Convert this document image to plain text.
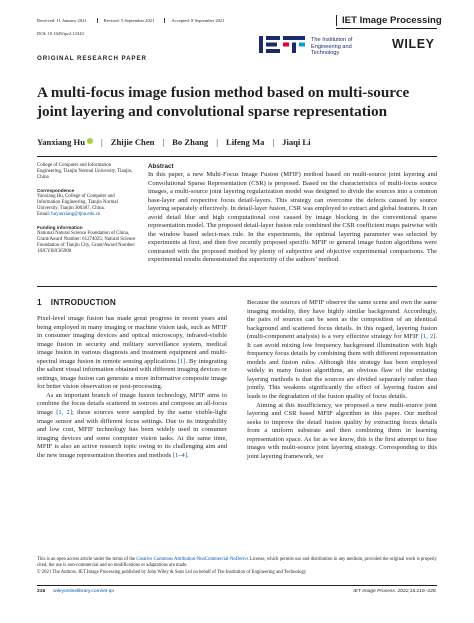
Received: 11 January 2021	Revised: 5 September 2021	Accepted: 8 September 2021
DOI: 10.1049/ipr2.12343
IET Image Processing
The Institution of Engineering and Technology
WILEY
ORIGINAL RESEARCH PAPER
A multi-focus image fusion method based on multi-source joint layering and convolutional sparse representation
Yanxiang Hu | Zhijie Chen | Bo Zhang | Lifeng Ma | Jiaqi Li
College of Computer and Information Engineering, Tianjin Normal University, Tianjin, China
Correspondence
Yanxiang Hu, College of Computer and Information Engineering, Tianjin Normal University, Tianjin 300387, China.
Email: huyanxiang@tjnu.edu.cn
Funding information
National Natural Science Foundation of China, Grant/Award Number: 61274025; Natural Science Foundation of Tianjin City, Grant/Award Number: 18JCYBJC85900
Abstract

In this paper, a new Multi-Focus Image Fusion (MFIF) method based on multi-source joint layering and Convolutional Sparse Representation (CSR) is proposed. Based on the characteristics of multi-focus source images, a multi-source joint layering regularization model was designed to divide the sources into a common base-layer and respective focus detail-layers. This strategy can overcome the defects caused by source layering separately effectively. In detail-layer fusion, CSR was employed to extract and global features. It can avoid detail blur and high computational cost caused by image blocking in the conventional sparse representation model. The proposed detail-layer fusion rule combined the CSR coefficient maps pairwise with the window based select-max rule. In the experiments, the optimal layering parameter was selected by experiments at first, and then five recently proposed specific MFIF or general image fusion algorithms were contrasted with the proposed method by plenty of subjective and objective experimental comparisons. The experimental results demonstrated the superiority of the authors’ method.

1 INTRODUCTION

Pixel-level image fusion has made great progress in recent years and being employed in many imaging or machine vision task, such as MFIF in consumer imaging devices and optical microscopy, infrared-visible image fusion in security and military surveillance system, medical image fusion in various diagnosis and treatment equipment and multi-spectral image fusion in remote sensing applications [1]. By integrating the salient visual information obtained with different imaging devices or settings, image fusion can generate a more informative composite image for better vision observation or post-processing.

As an important branch of image fusion technology, MFIF aims to combine the focus details scattered in sources and compose an all-focus image [1, 2]; these sources were sampled by the same visible-light image sensor and with different focus settings. Due to its integrability and low cost, MFIF technology has been widely used in consumer imaging devices and some computer vision tasks. At the same time, MFIF is also an active research topic owing to its challenging aim and the new image representation theories and methods [1–4].

Because the sources of MFIF observe the same scene and own the same imaging modality, they have highly similar background. Accordingly, the pairs of sources can be seen as the composition of an identical background and scattered focus details. In this regard, layering fusion (multi-component analysis) is a very effective strategy for MFIF [1, 2]. It can avoid mixing low frequency background illumination with high frequency focus details by combining them with different representation models and fusion rules. Although this strategy has been employed widely in many fusion algorithms, an obvious flaw of the existing layering methods is that the sources are divided separately rather than jointly. This weakens significantly the effect of layering fusion and leads to the degradation of the fusion quality of focus details.

Aiming at this insufficiency, we proposed a new multi-source joint layering and CSR based MFIF algorithm in this paper. Our method seeks to improve the detail fusion quality by extracting focus details from a uniform substrate and then combining them in learning representation space. As far as we know, this is the first attempt to fuse images with multi-source joint layering strategy. Corresponding to this joint layering framework, we

This is an open access article under the terms of the Creative Commons Attribution-NonCommercial-NoDerivs License, which permits use and distribution in any medium, provided the original work is properly cited, the use is non-commercial and no modifications or adaptations are made.
© 2021 The Authors. IET Image Processing published by John Wiley & Sons Ltd on behalf of The Institution of Engineering and Technology
216 wileyonlinelibrary.com/iet-ipr	IET Image Process. 2022;16:216–228.
